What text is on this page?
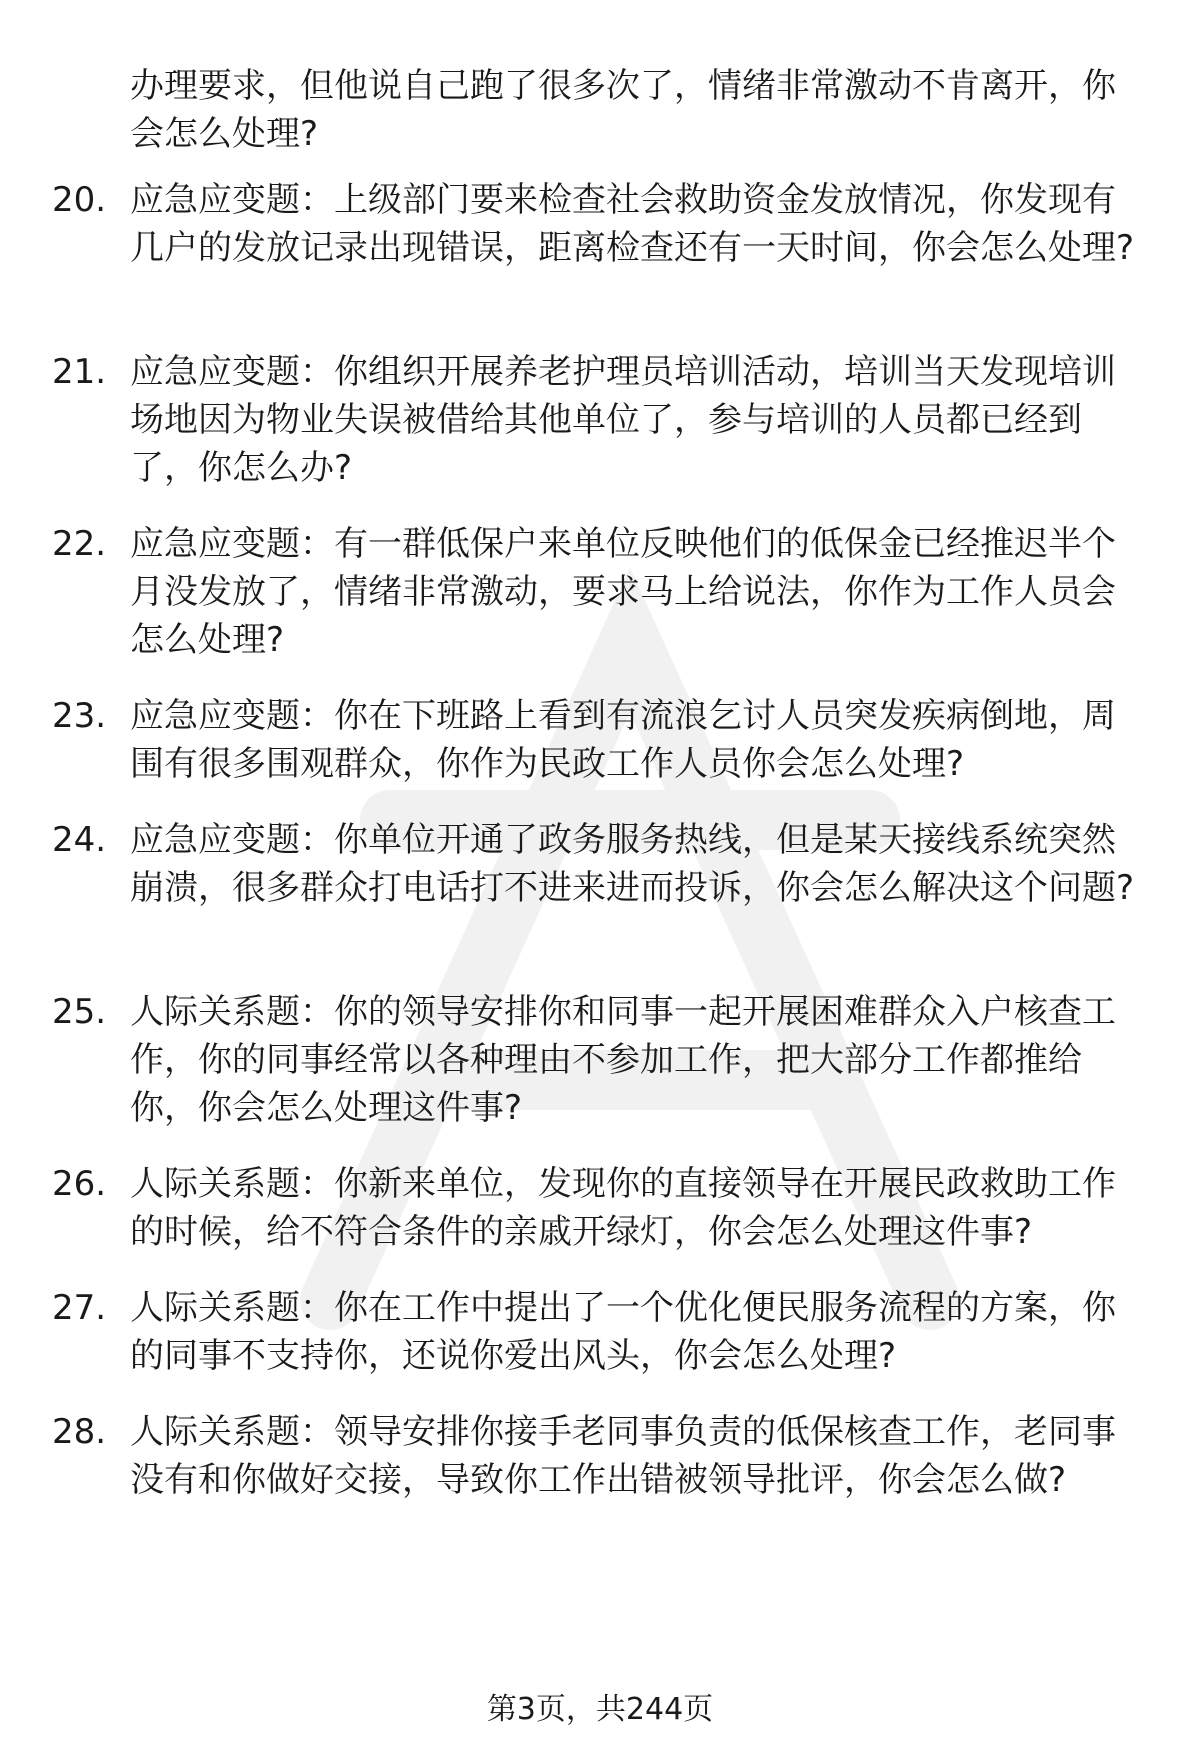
办理要求，但他说自己跑了很多次了，情绪非常激动不肯离开，你会怎么处理?
20. 应急应变题：上级部门要来检查社会救助资金发放情况，你发现有几户的发放记录出现错误，距离检查还有一天时间，你会怎么处理?
21. 应急应变题：你组织开展养老护理员培训活动，培训当天发现培训场地因为物业失误被借给其他单位了，参与培训的人员都已经到了，你怎么办?
22. 应急应变题：有一群低保户来单位反映他们的低保金已经推迟半个月没发放了，情绪非常激动，要求马上给说法，你作为工作人员会怎么处理?
23. 应急应变题：你在下班路上看到有流浪乞讨人员突发疾病倒地，周围有很多围观群众，你作为民政工作人员你会怎么处理?
24. 应急应变题：你单位开通了政务服务热线，但是某天接线系统突然崩溃，很多群众打电话打不进来进而投诉，你会怎么解决这个问题?
25. 人际关系题：你的领导安排你和同事一起开展困难群众入户核查工作，你的同事经常以各种理由不参加工作，把大部分工作都推给你，你会怎么处理这件事?
26. 人际关系题：你新来单位，发现你的直接领导在开展民政救助工作的时候，给不符合条件的亲戚开绿灯，你会怎么处理这件事?
27. 人际关系题：你在工作中提出了一个优化便民服务流程的方案，你的同事不支持你，还说你爱出风头，你会怎么处理?
28. 人际关系题：领导安排你接手老同事负责的低保核查工作，老同事没有和你做好交接，导致你工作出错被领导批评，你会怎么做?
第3页，共244页
